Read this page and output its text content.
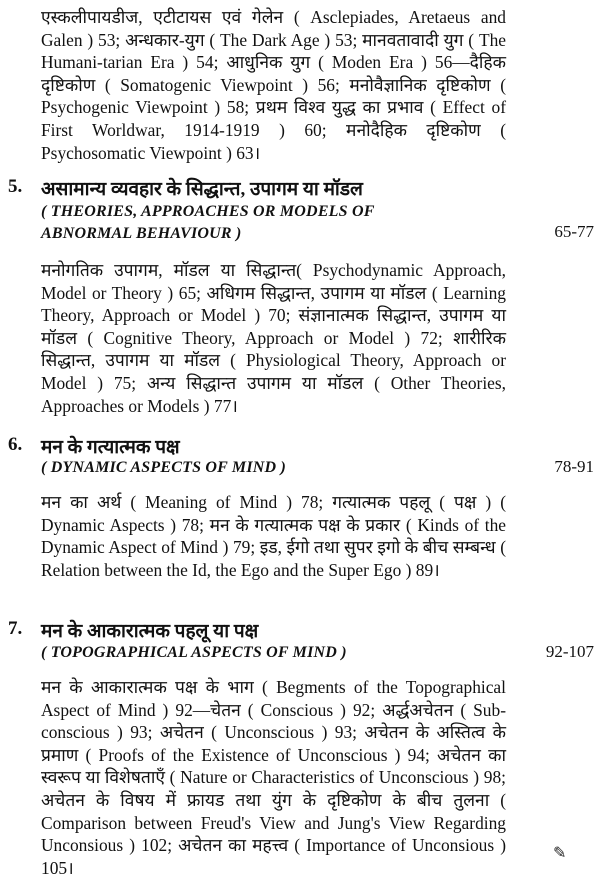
एस्कलीपायडीज, एटीटायस एवं गेलेन ( Asclepiades, Aretaeus and Galen ) 53; अन्धकार-युग ( The Dark Age ) 53; मानवतावादी युग ( The Humani-tarian Era ) 54; आधुनिक युग ( Moden Era ) 56—दैहिक दृष्टिकोण ( Somatogenic Viewpoint ) 56; मनोवैज्ञानिक दृष्टिकोण ( Psychogenic Viewpoint ) 58; प्रथम विश्व युद्ध का प्रभाव ( Effect of First Worldwar, 1914-1919 ) 60; मनोदैहिक दृष्टिकोण ( Psychosomatic Viewpoint ) 63।

5. असामान्य व्यवहार के सिद्धान्त, उपागम या मॉडल

( THEORIES, APPROACHES OR MODELS OF

ABNORMAL BEHAVIOUR )	65-77

मनोगतिक उपागम, मॉडल या सिद्धान्त( Psychodynamic Approach, Model or Theory ) 65; अधिगम सिद्धान्त, उपागम या मॉडल ( Learning Theory, Approach or Model ) 70; संज्ञानात्मक सिद्धान्त, उपागम या मॉडल ( Cognitive Theory, Approach or Model ) 72; शारीरिक सिद्धान्त, उपागम या मॉडल ( Physiological Theory, Approach or Model ) 75; अन्य सिद्धान्त उपागम या मॉडल ( Other Theories, Approaches or Models ) 77।

6. मन के गत्यात्मक पक्ष

( DYNAMIC ASPECTS OF MIND )	78-91

मन का अर्थ ( Meaning of Mind ) 78; गत्यात्मक पहलू ( पक्ष ) ( Dynamic Aspects ) 78; मन के गत्यात्मक पक्ष के प्रकार ( Kinds of the Dynamic Aspect of Mind ) 79; इड, ईगो तथा सुपर इगो के बीच सम्बन्ध ( Relation between the Id, the Ego and the Super Ego ) 89।

7. मन के आकारात्मक पहलू या पक्ष

( TOPOGRAPHICAL ASPECTS OF MIND )	92-107

मन के आकारात्मक पक्ष के भाग ( Begments of the Topographical Aspect of Mind ) 92—चेतन ( Conscious ) 92; अर्द्धअचेतन ( Sub-conscious ) 93; अचेतन ( Unconscious ) 93; अचेतन के अस्तित्व के प्रमाण ( Proofs of the Existence of Unconscious ) 94; अचेतन का स्वरूप या विशेषताएँ ( Nature or Characteristics of Unconscious ) 98; अचेतन के विषय में फ्रायड तथा युंग के दृष्टिकोण के बीच तुलना ( Comparison between Freud's View and Jung's View Regarding Unconsious ) 102; अचेतन का महत्त्व ( Importance of Unconsious ) 105।

✎
